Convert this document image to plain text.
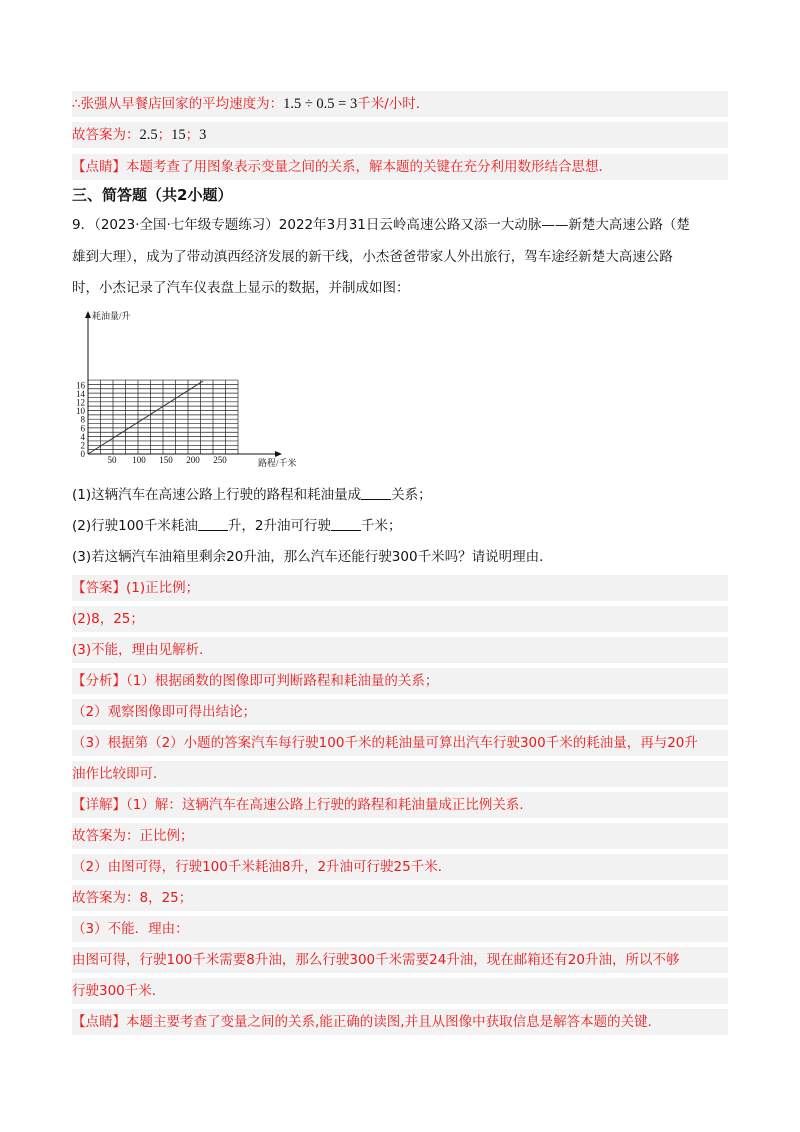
∴张强从早餐店回家的平均速度为：1.5 ÷ 0.5 = 3千米/小时．
故答案为：2.5；15；3
【点睛】本题考查了用图象表示变量之间的关系，解本题的关键在充分利用数形结合思想．
三、简答题（共2小题）
9．（2023·全国·七年级专题练习）2022年3月31日云岭高速公路又添一大动脉——新楚大高速公路（楚
雄到大理），成为了带动滇西经济发展的新干线，小杰爸爸带家人外出旅行，驾车途经新楚大高速公路
时，小杰记录了汽车仪表盘上显示的数据，并制成如图：
50 100 150 200 250
2
4
6
8
10
12
14
16
0
耗油量/升
路程/千米
(1)这辆汽车在高速公路上行驶的路程和耗油量成 关系；
(2)行驶100千米耗油 升，2升油可行驶 千米；
(3)若这辆汽车油箱里剩余20升油，那么汽车还能行驶300千米吗？请说明理由．
【答案】(1)正比例；
(2)8，25；
(3)不能，理由见解析．
【分析】（1）根据函数的图像即可判断路程和耗油量的关系；
（2）观察图像即可得出结论；
（3）根据第（2）小题的答案汽车每行驶100千米的耗油量可算出汽车行驶300千米的耗油量，再与20升
油作比较即可．
【详解】（1）解：这辆汽车在高速公路上行驶的路程和耗油量成正比例关系．
故答案为：正比例；
（2）由图可得，行驶100千米耗油8升，2升油可行驶25千米．
故答案为：8，25；
（3）不能．理由：
由图可得，行驶100千米需要8升油，那么行驶300千米需要24升油，现在邮箱还有20升油，所以不够
行驶300千米．
【点睛】本题主要考查了变量之间的关系,能正确的读图,并且从图像中获取信息是解答本题的关键．
